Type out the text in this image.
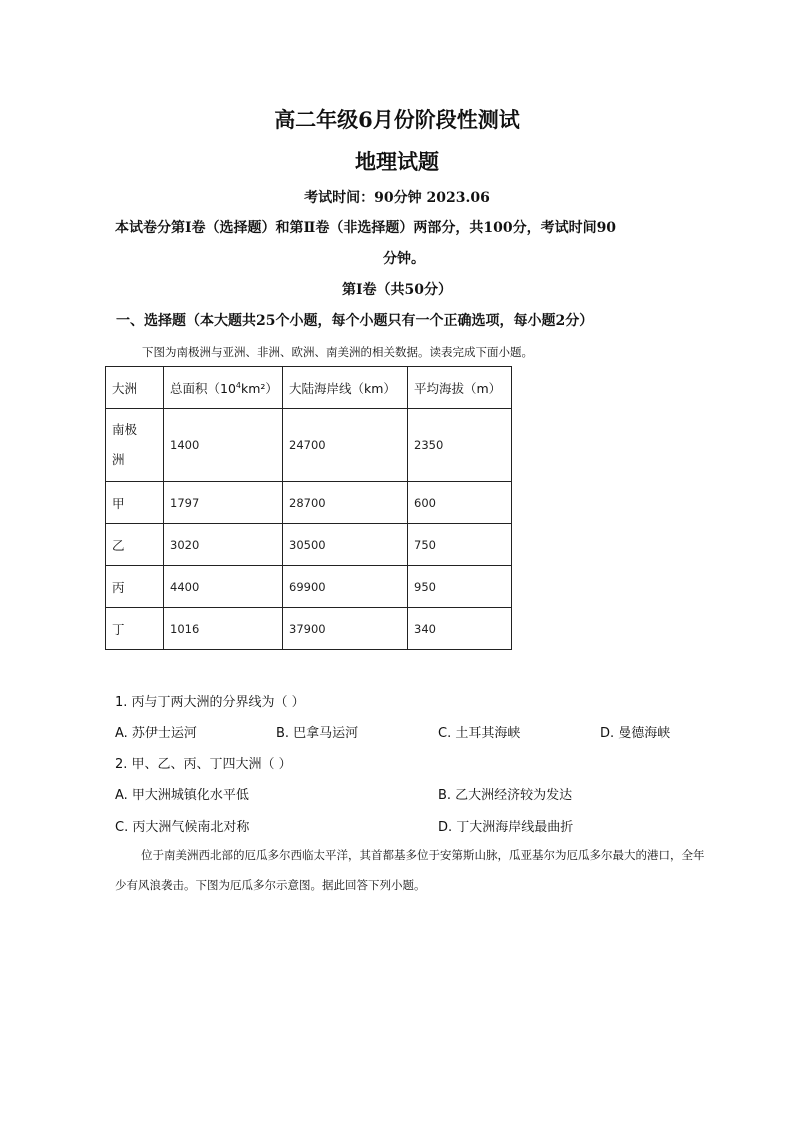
高二年级6月份阶段性测试
地理试题
考试时间：90分钟 2023.06
本试卷分第Ⅰ卷（选择题）和第Ⅱ卷（非选择题）两部分，共100分，考试时间90
分钟。
第Ⅰ卷（共50分）
一、选择题（本大题共25个小题，每个小题只有一个正确选项，每小题2分）
下图为南极洲与亚洲、非洲、欧洲、南美洲的相关数据。读表完成下面小题。
大洲	总面积$(10^4km^2)$	大陆海岸线（km）	平均海拔（m）

南极
洲	1400	24700	2350
甲	1797	28700	600
乙	3020	30500	750
丙	4400	69900	950
丁	1016	37900	340
1. 丙与丁两大洲的分界线为（ ）
A. 苏伊士运河	B. 巴拿马运河	C. 土耳其海峡	D. 曼德海峡
2. 甲、乙、丙、丁四大洲（ ）
A. 甲大洲城镇化水平低	B. 乙大洲经济较为发达
C. 丙大洲气候南北对称	D. 丁大洲海岸线最曲折
位于南美洲西北部的厄瓜多尔西临太平洋，其首都基多位于安第斯山脉，瓜亚基尔为厄瓜多尔最大的港口，全年少有风浪袭击。下图为厄瓜多尔示意图。据此回答下列小题。
